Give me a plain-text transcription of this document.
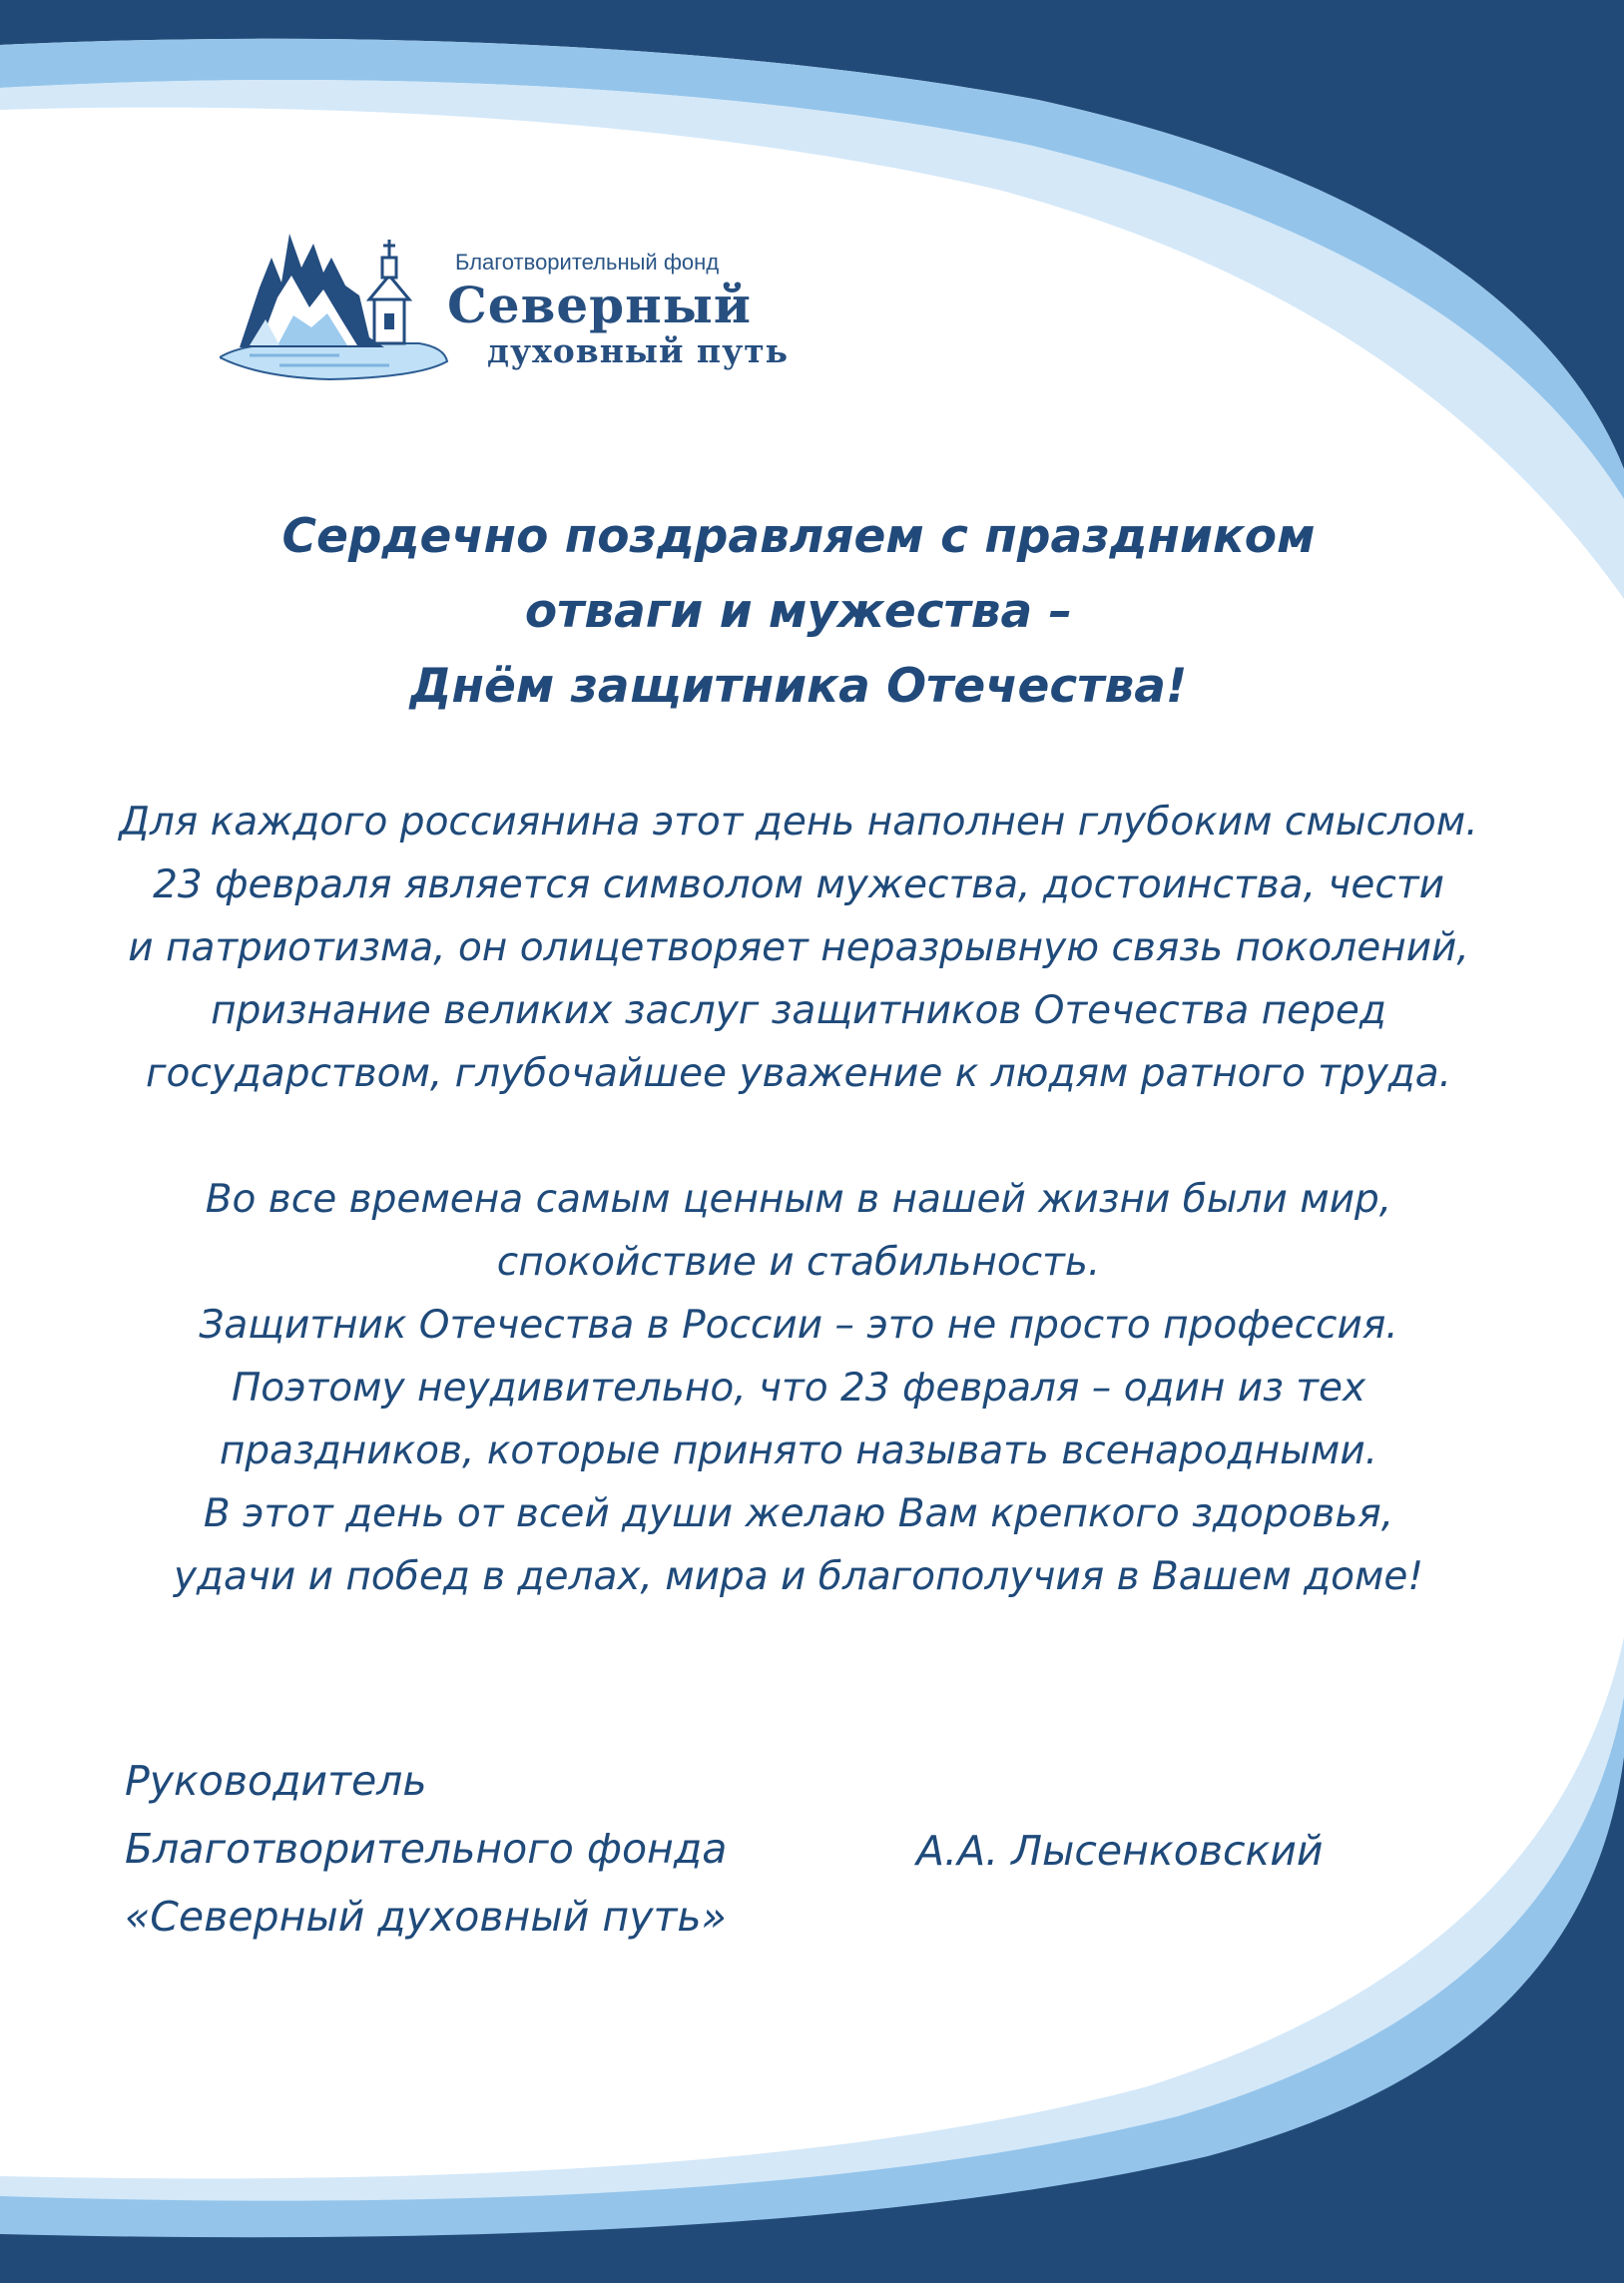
Благотворительный фонд
Северный
духовный путь
Сердечно поздравляем с праздником
отваги и мужества –
Днём защитника Отечества!
Для каждого россиянина этот день наполнен глубоким смыслом.
23 февраля является символом мужества, достоинства, чести
и патриотизма, он олицетворяет неразрывную связь поколений,
признание великих заслуг защитников Отечества перед
государством, глубочайшее уважение к людям ратного труда.
Во все времена самым ценным в нашей жизни были мир,
спокойствие и стабильность.
Защитник Отечества в России – это не просто профессия.
Поэтому неудивительно, что 23 февраля – один из тех
праздников, которые принято называть всенародными.
В этот день от всей души желаю Вам крепкого здоровья,
удачи и побед в делах, мира и благополучия в Вашем доме!
Руководитель
Благотворительного фонда
«Северный духовный путь»
А.А. Лысенковский
